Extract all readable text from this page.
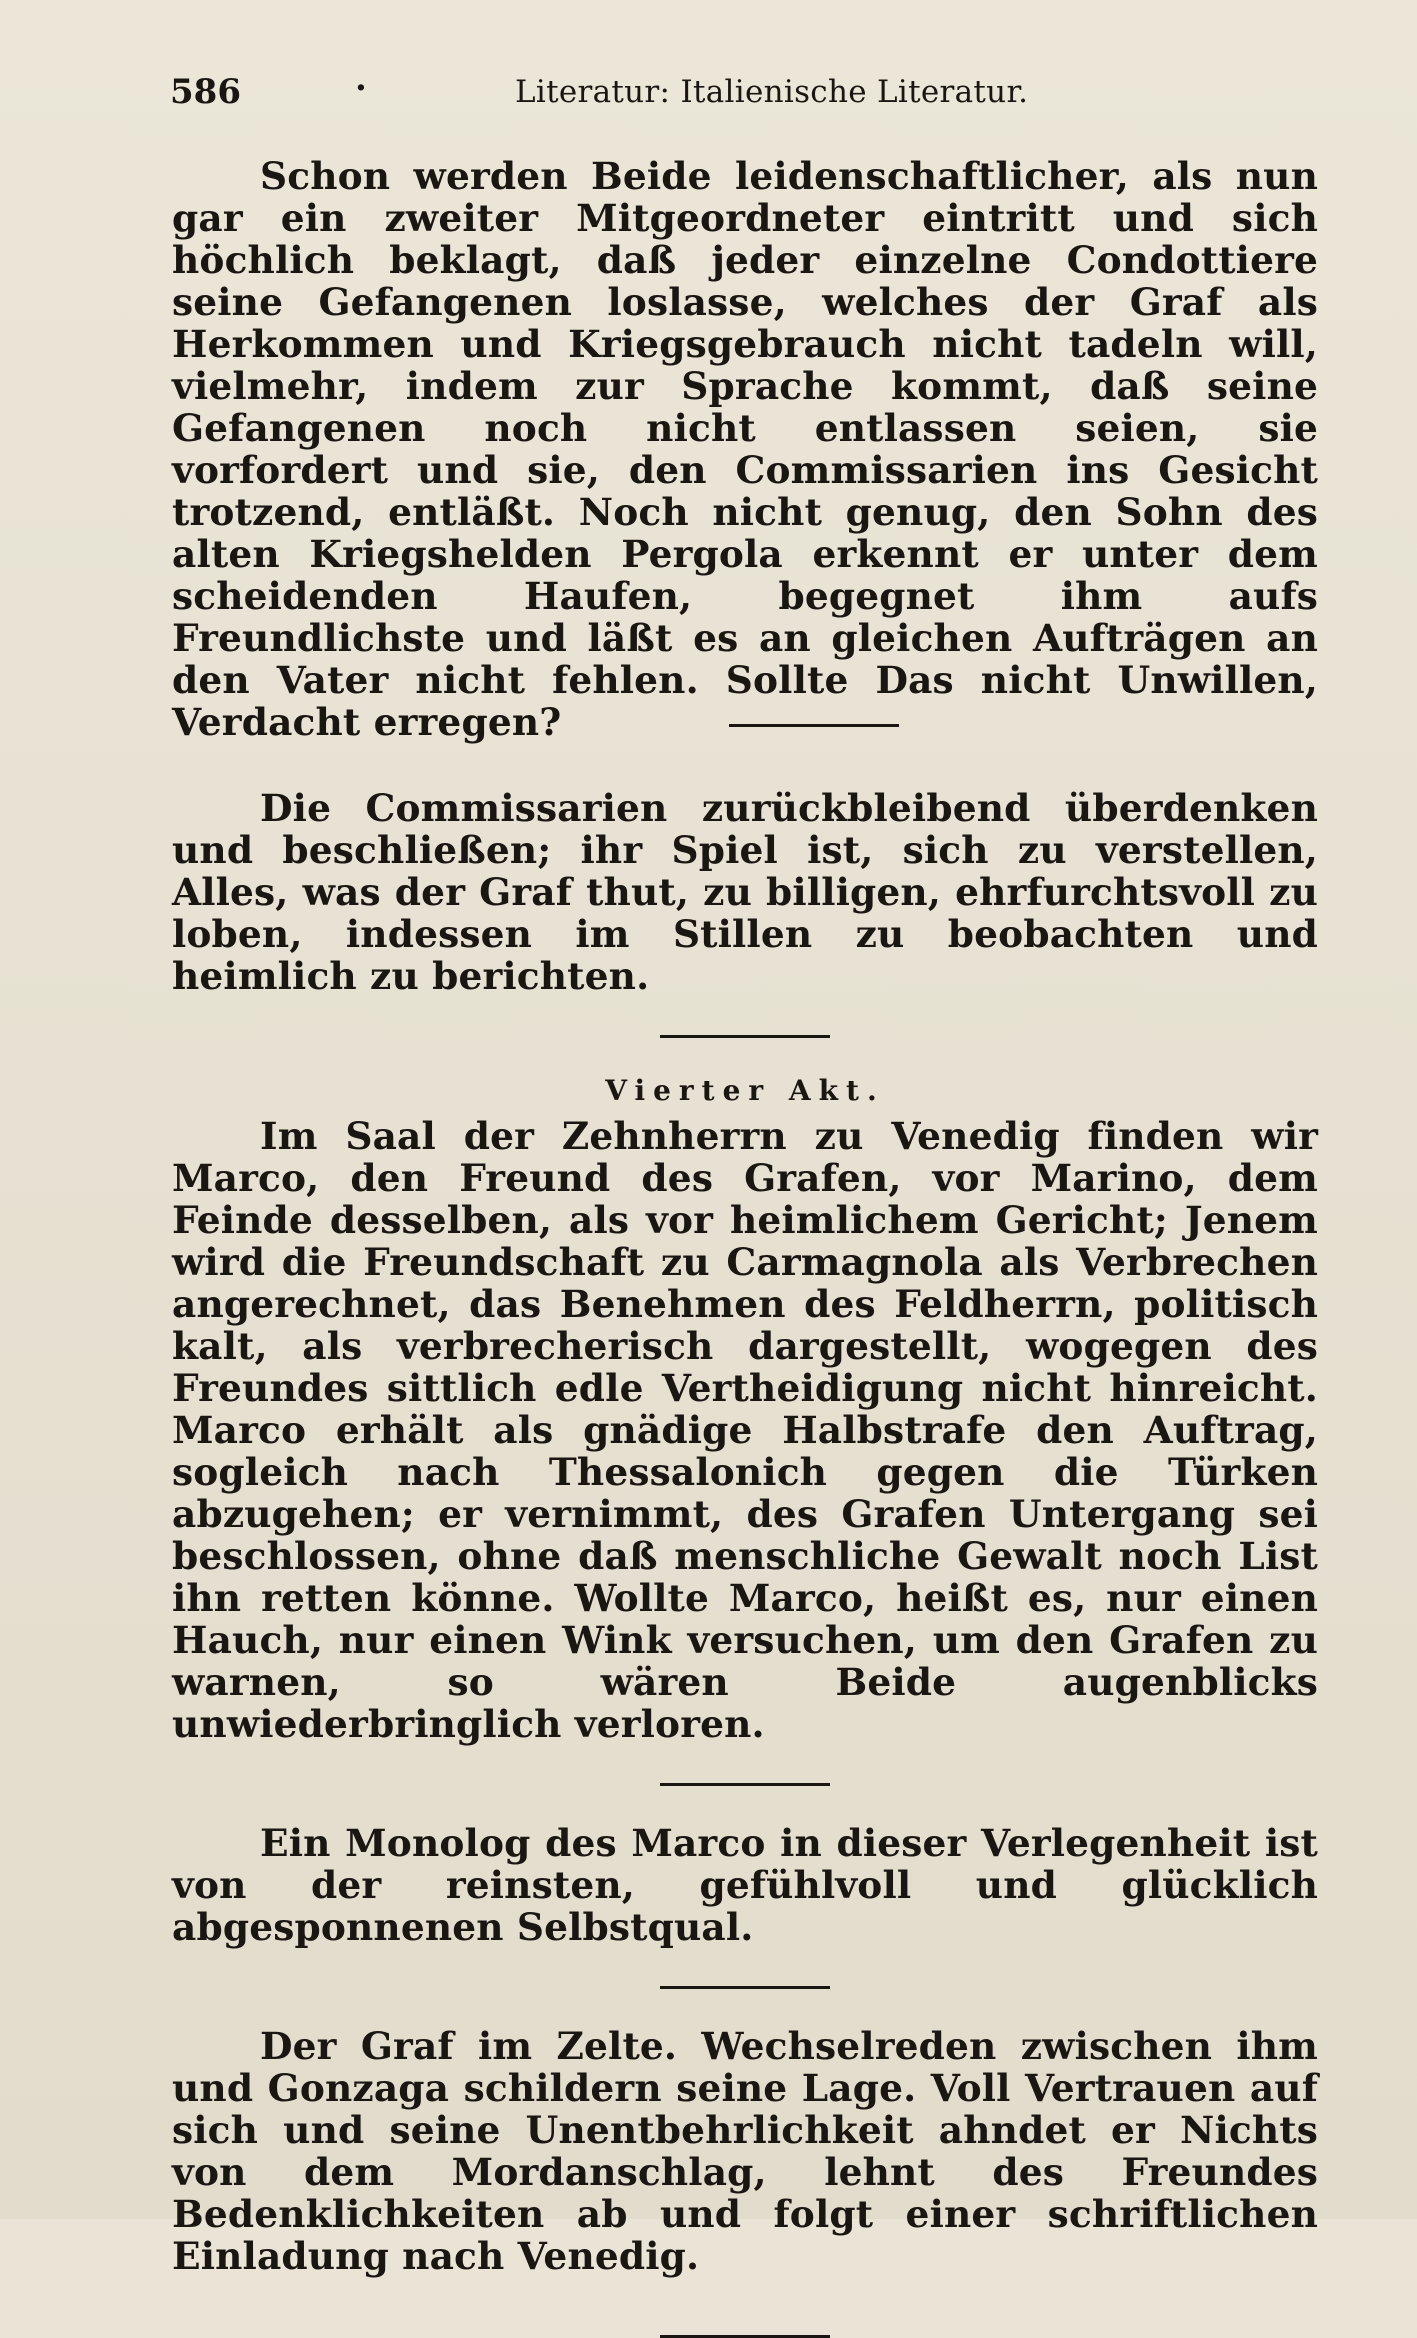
586	·	Literatur: Italienische Literatur.

Schon werden Beide leidenschaftlicher, als nun gar ein zweiter Mitgeordneter eintritt und sich höchlich beklagt, daß jeder einzelne Condottiere seine Gefangenen loslasse, welches der Graf als Herkommen und Kriegsgebrauch nicht tadeln will, vielmehr, indem zur Sprache kommt, daß seine Gefangenen noch nicht entlassen seien, sie vorfordert und sie, den Commissarien ins Gesicht trotzend, entläßt. Noch nicht genug, den Sohn des alten Kriegshelden Pergola erkennt er unter dem scheidenden Haufen, begegnet ihm aufs Freundlichste und läßt es an gleichen Aufträgen an den Vater nicht fehlen. Sollte Das nicht Unwillen, Verdacht erregen?

Die Commissarien zurückbleibend überdenken und beschließen; ihr Spiel ist, sich zu verstellen, Alles, was der Graf thut, zu billigen, ehrfurchtsvoll zu loben, indessen im Stillen zu beobachten und heimlich zu berichten.

Vierter Akt.

Im Saal der Zehnherrn zu Venedig finden wir Marco, den Freund des Grafen, vor Marino, dem Feinde desselben, als vor heimlichem Gericht; Jenem wird die Freundschaft zu Carmagnola als Verbrechen angerechnet, das Benehmen des Feldherrn, politisch kalt, als verbrecherisch dargestellt, wogegen des Freundes sittlich edle Vertheidigung nicht hinreicht. Marco erhält als gnädige Halbstrafe den Auftrag, sogleich nach Thessalonich gegen die Türken abzugehen; er vernimmt, des Grafen Untergang sei beschlossen, ohne daß menschliche Gewalt noch List ihn retten könne. Wollte Marco, heißt es, nur einen Hauch, nur einen Wink versuchen, um den Grafen zu warnen, so wären Beide augenblicks unwiederbringlich verloren.

Ein Monolog des Marco in dieser Verlegenheit ist von der reinsten, gefühlvoll und glücklich abgesponnenen Selbstqual.

Der Graf im Zelte. Wechselreden zwischen ihm und Gonzaga schildern seine Lage. Voll Vertrauen auf sich und seine Unentbehrlichkeit ahndet er Nichts von dem Mordanschlag, lehnt des Freundes Bedenklichkeiten ab und folgt einer schriftlichen Einladung nach Venedig.
